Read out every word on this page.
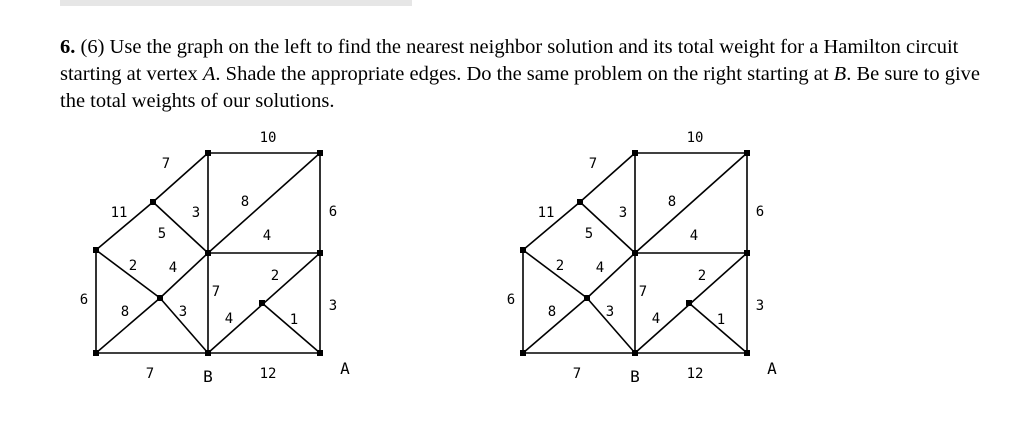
6. (6) Use the graph on the left to find the nearest neighbor solution and its total weight for a Hamilton circuit starting at vertex A. Shade the appropriate edges. Do the same problem on the right starting at B. Be sure to give the total weights of our solutions.

10
7
11
6
7	12
6
3
3
8
5	4
2 4
8	3
7
4
2
1
B	A
10
7
11
6
7	12
6
3
3
8
5	4
2 4
8	3
7
4
2
1
B	A
